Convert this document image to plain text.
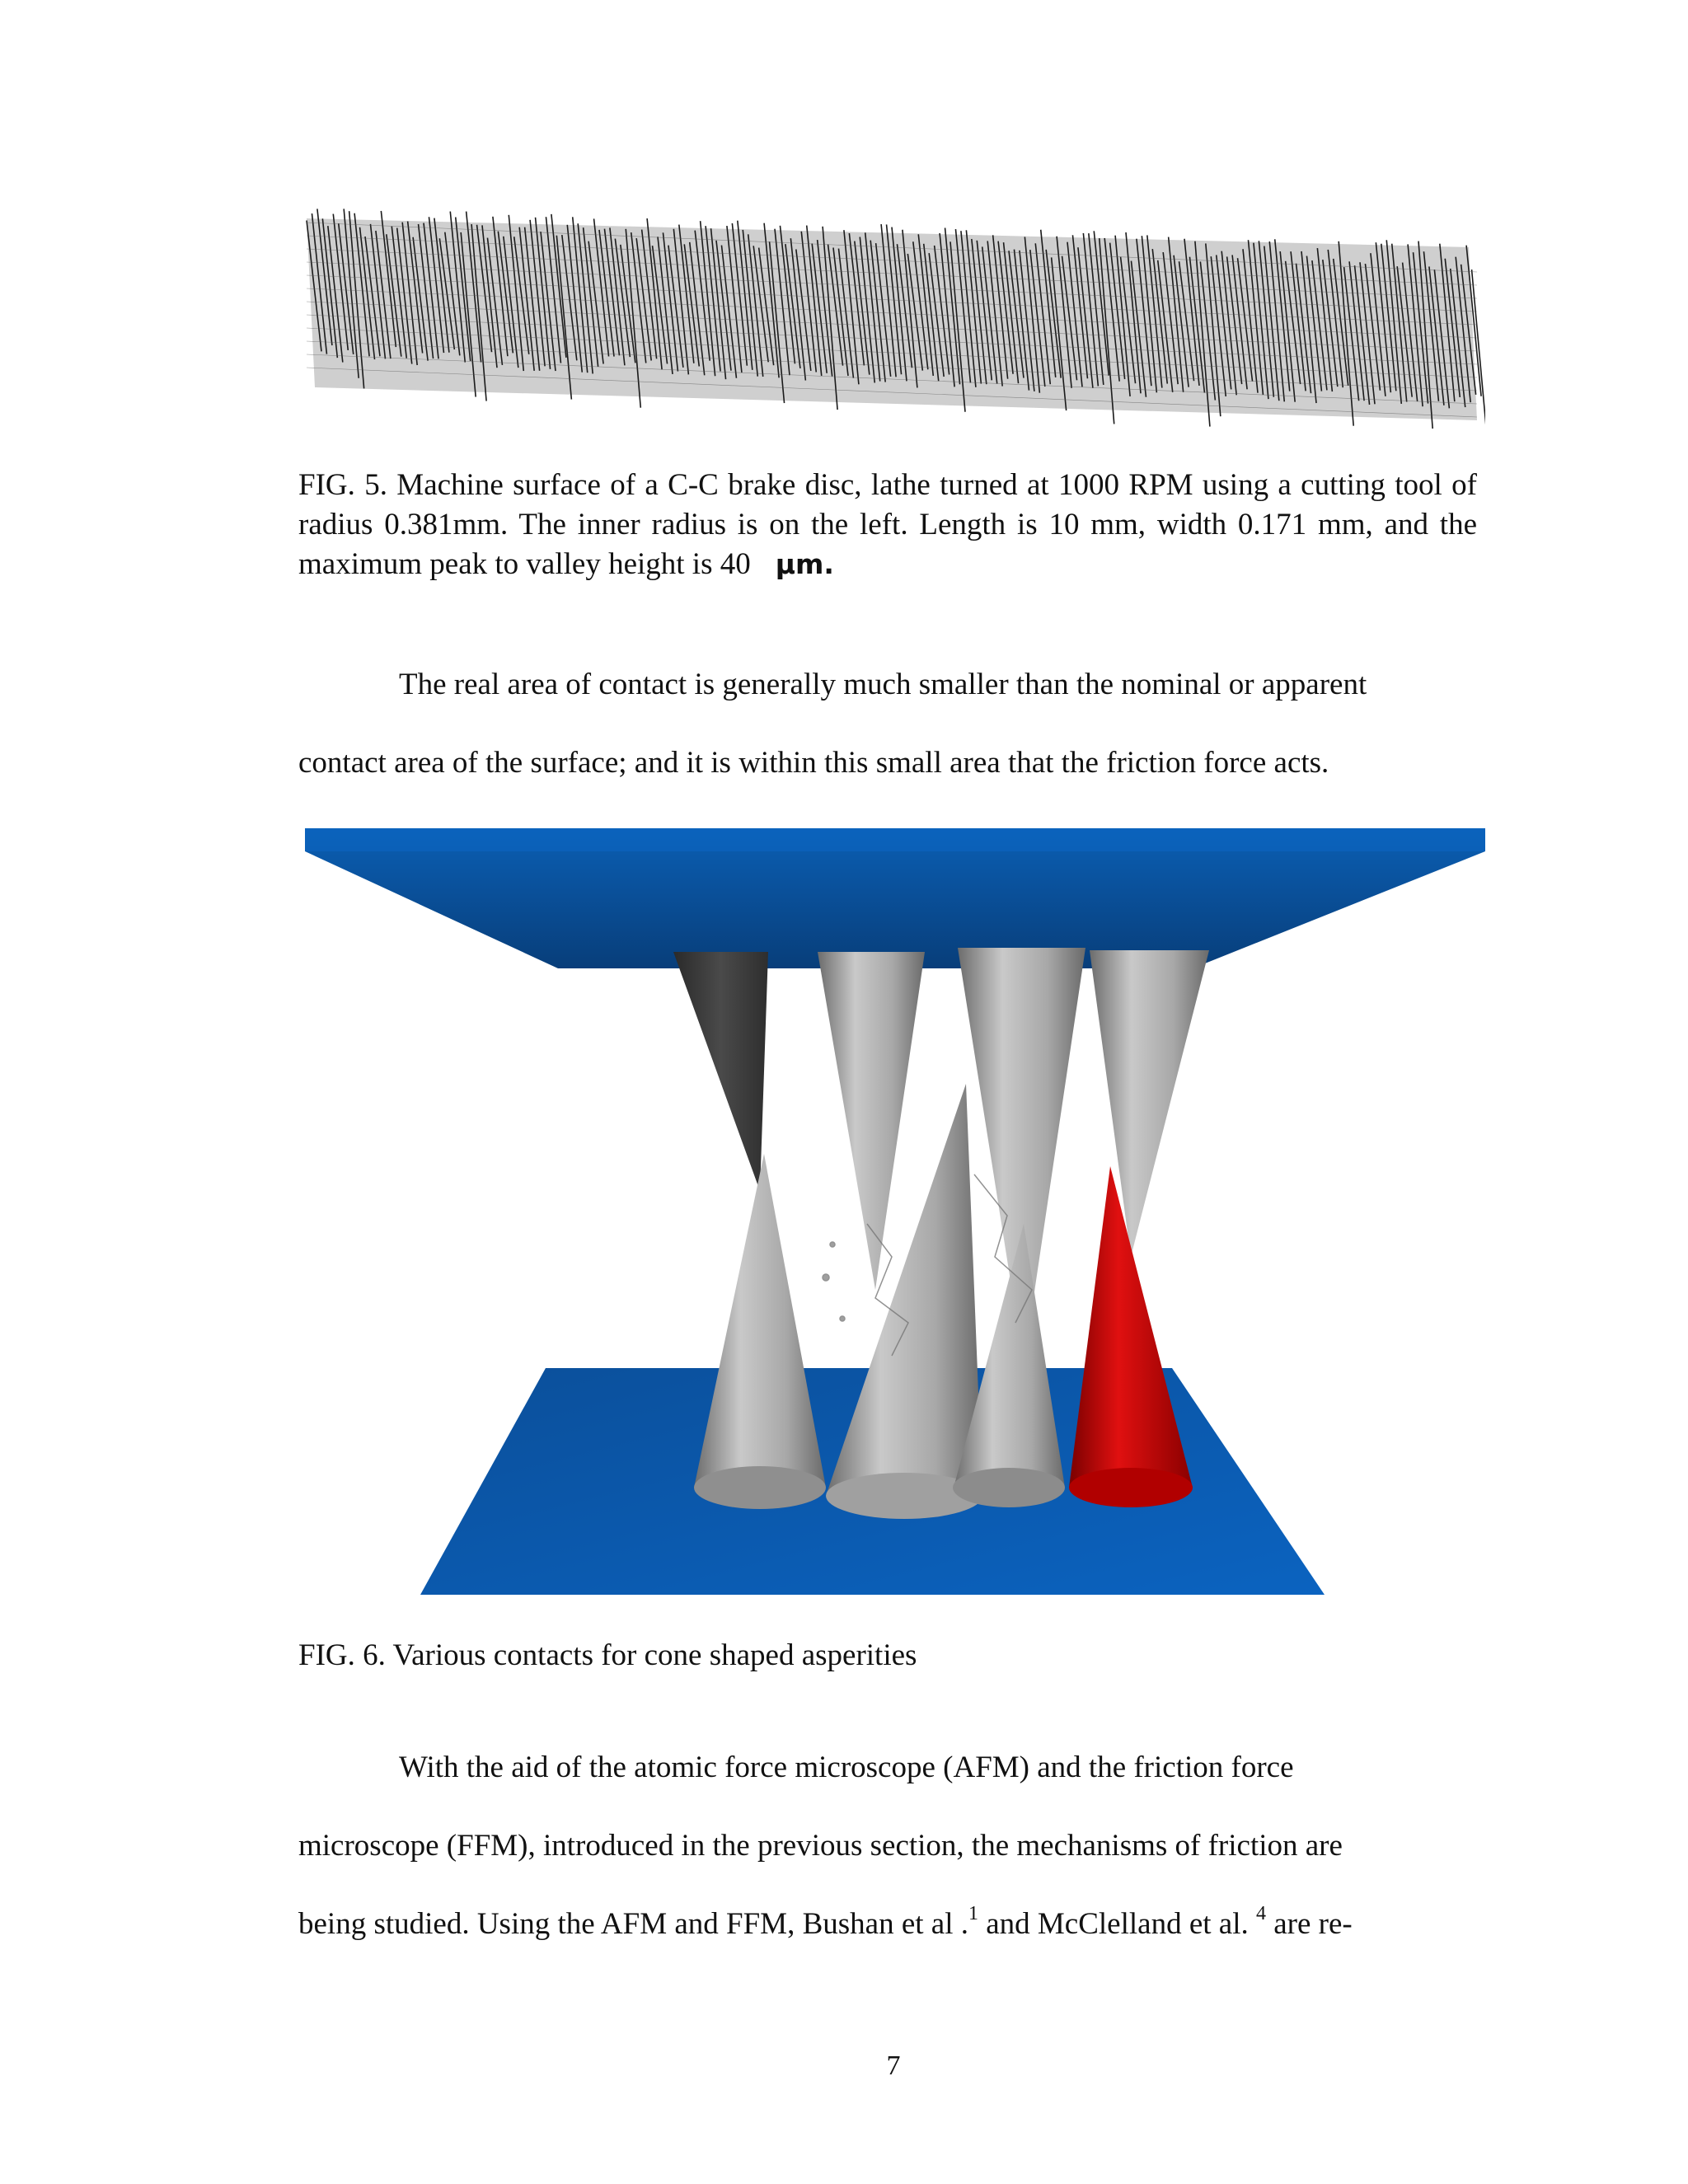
FIG. 5. Machine surface of a C-C brake disc, lathe turned at 1000 RPM using a cutting tool of radius 0.381mm. The inner radius is on the left. Length is 10 mm, width 0.171 mm, and the maximum peak to valley height is 40 µm.
The real area of contact is generally much smaller than the nominal or apparent
contact area of the surface; and it is within this small area that the friction force acts.
FIG. 6. Various contacts for cone shaped asperities
With the aid of the atomic force microscope (AFM) and the friction force
microscope (FFM), introduced in the previous section, the mechanisms of friction are
being studied. Using the AFM and FFM, Bushan et al .$^1$ and McClelland et al. $^4$ are re-
7
